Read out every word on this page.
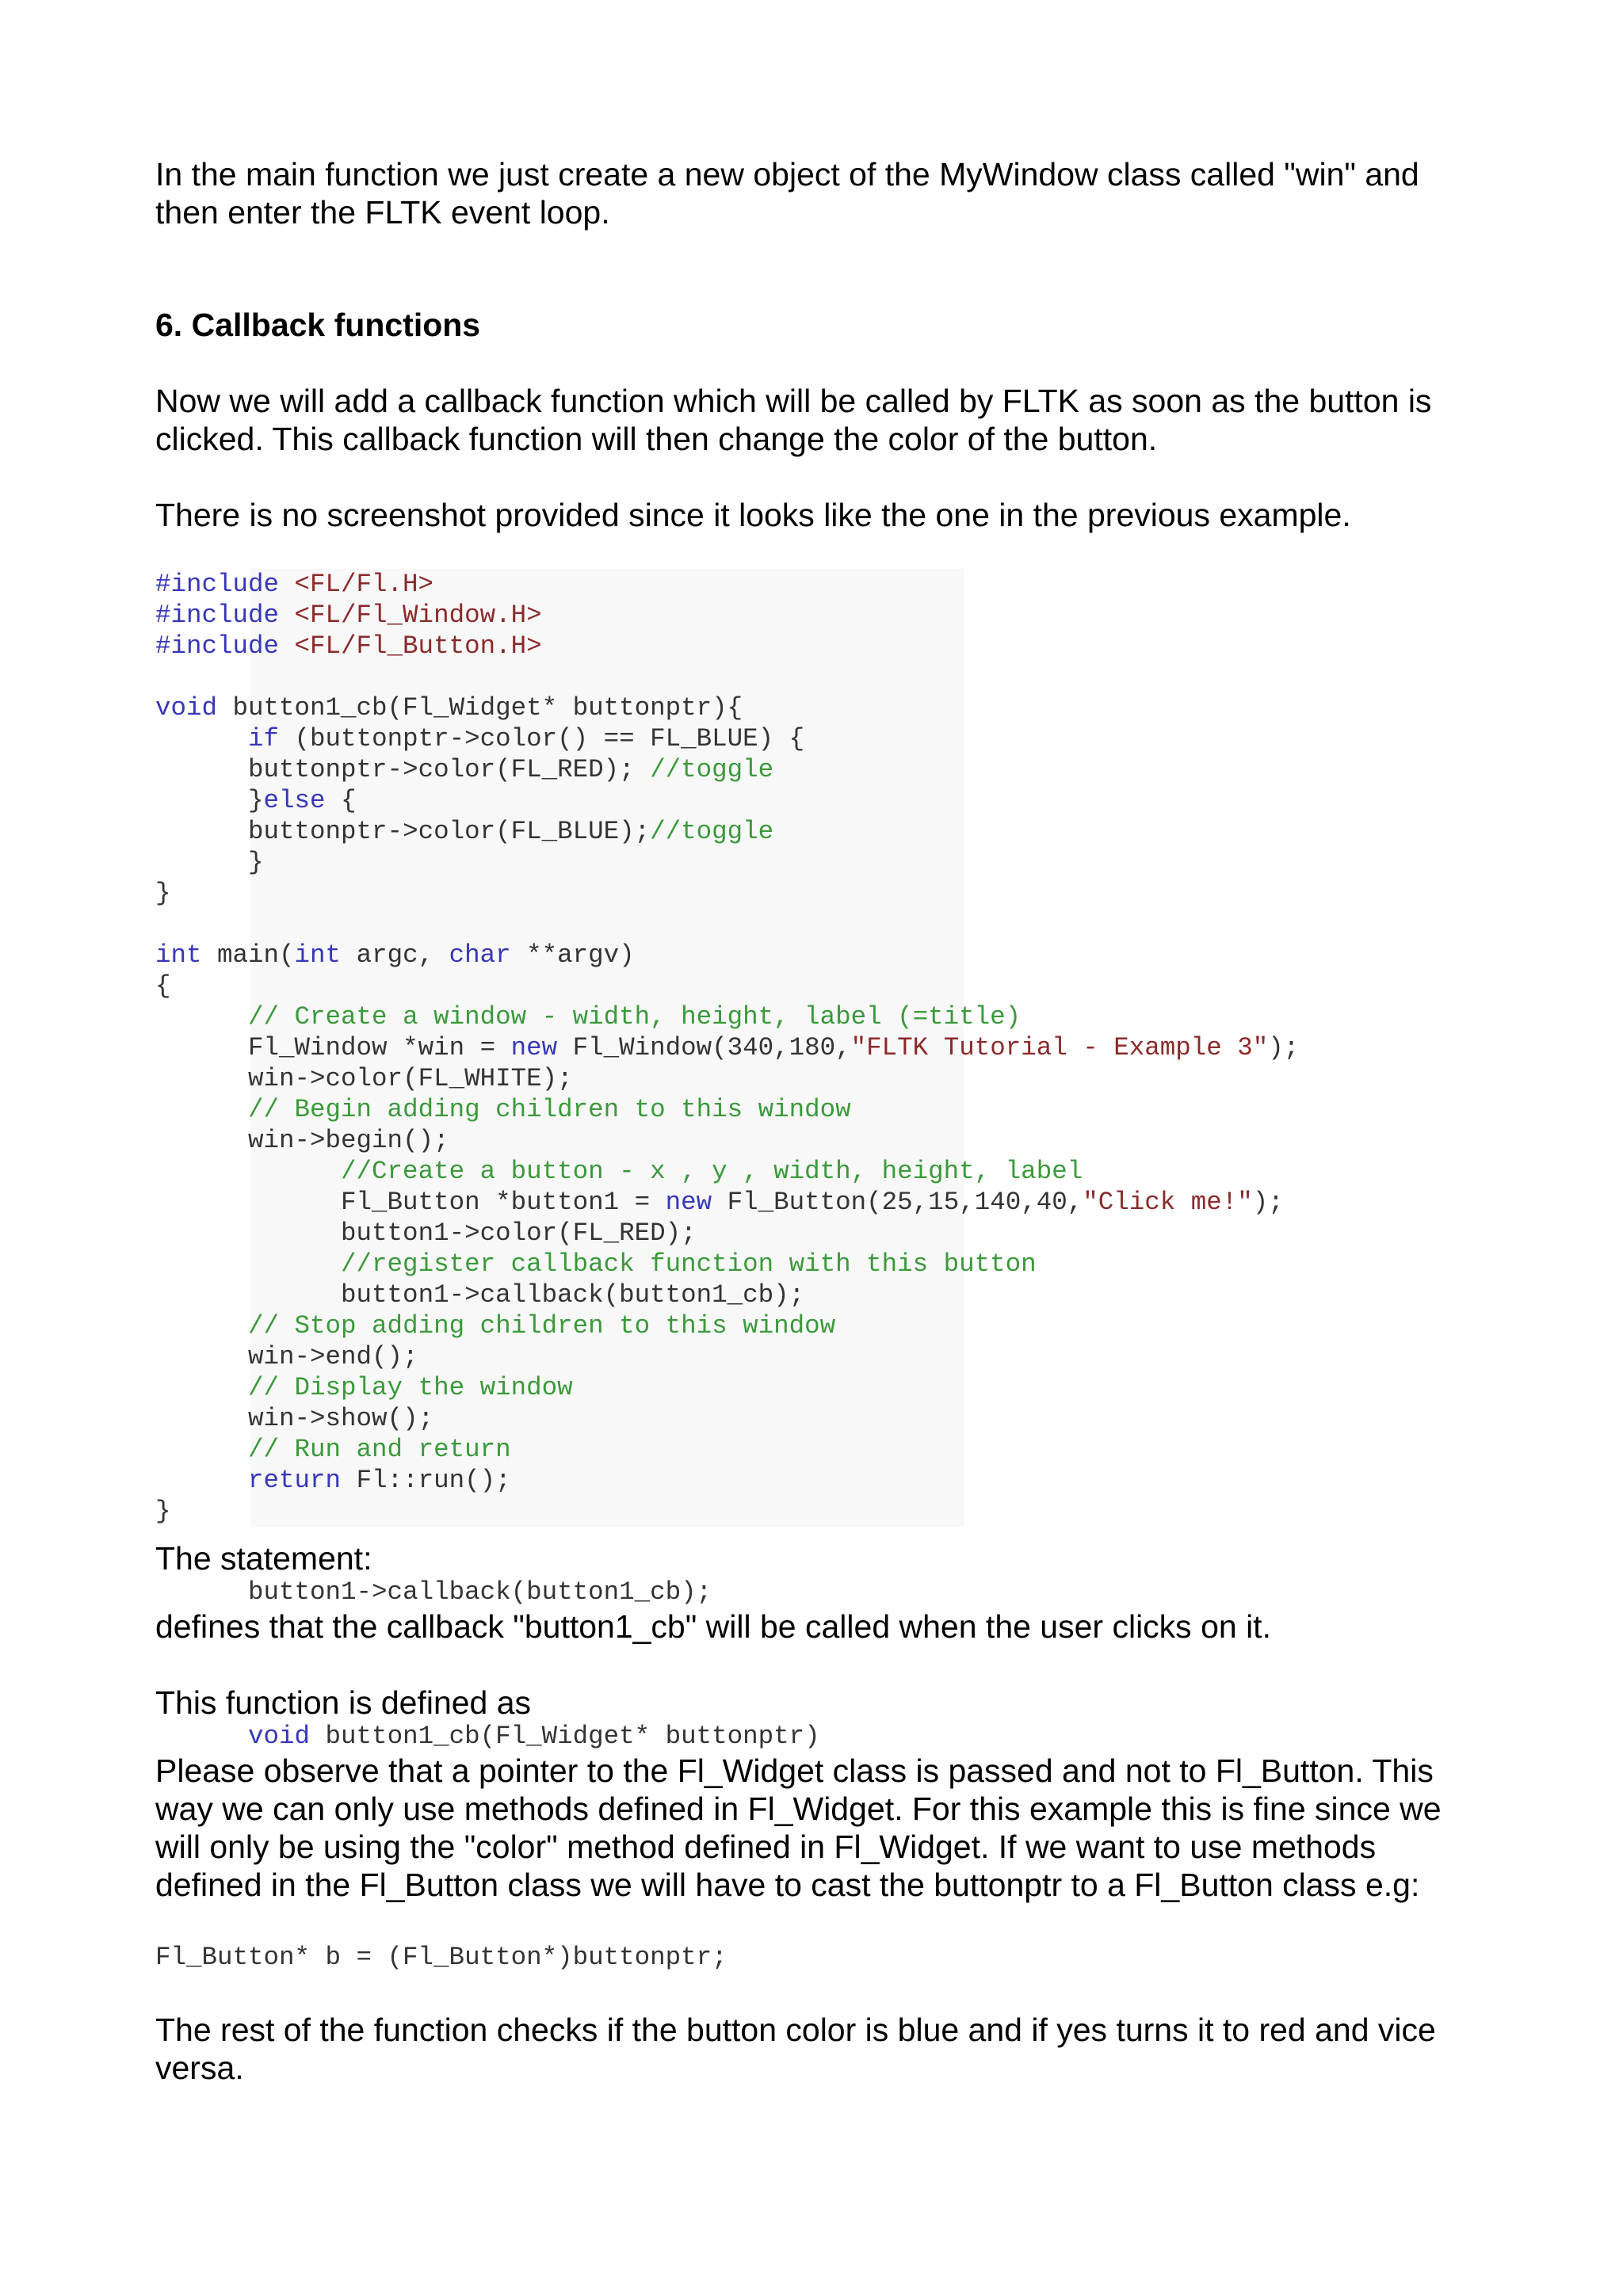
In the main function we just create a new object of the MyWindow class called "win" and then enter the FLTK event loop.

6. Callback functions

Now we will add a callback function which will be called by FLTK as soon as the button is clicked. This callback function will then change the color of the button.

There is no screenshot provided since it looks like the one in the previous example.

#include <FL/Fl.H>
#include <FL/Fl_Window.H>
#include <FL/Fl_Button.H>

void button1_cb(Fl_Widget* buttonptr){
if (buttonptr->color() == FL_BLUE) {
buttonptr->color(FL_RED); //toggle
}else {
buttonptr->color(FL_BLUE);//toggle
}
}

int main(int argc, char **argv)
{
// Create a window - width, height, label (=title)
Fl_Window *win = new Fl_Window(340,180,"FLTK Tutorial - Example 3");
win->color(FL_WHITE);
// Begin adding children to this window
win->begin();
//Create a button - x , y , width, height, label
Fl_Button *button1 = new Fl_Button(25,15,140,40,"Click me!");
button1->color(FL_RED);
//register callback function with this button
button1->callback(button1_cb);
// Stop adding children to this window
win->end();
// Display the window
win->show();
// Run and return
return Fl::run();
}

The statement:

button1->callback(button1_cb);

defines that the callback "button1_cb" will be called when the user clicks on it.

This function is defined as

void button1_cb(Fl_Widget* buttonptr)

Please observe that a pointer to the Fl_Widget class is passed and not to Fl_Button. This way we can only use methods defined in Fl_Widget. For this example this is fine since we will only be using the "color" method defined in Fl_Widget. If we want to use methods defined in the Fl_Button class we will have to cast the buttonptr to a Fl_Button class e.g:

Fl_Button* b = (Fl_Button*)buttonptr;

The rest of the function checks if the button color is blue and if yes turns it to red and vice versa.
